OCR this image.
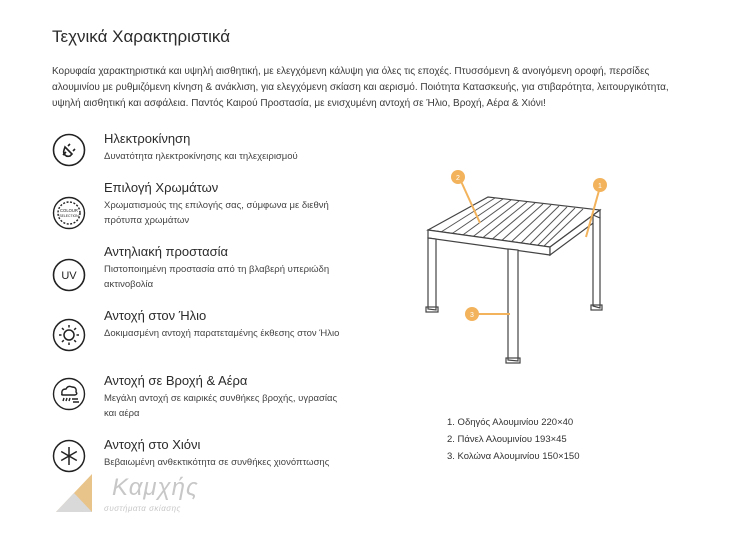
Τεχνικά Χαρακτηριστικά
Κορυφαία χαρακτηριστικά και υψηλή αισθητική, με ελεγχόμενη κάλυψη για όλες τις εποχές. Πτυσσόμενη & ανοιγόμενη οροφή, περσίδες αλουμινίου με ρυθμιζόμενη κίνηση & ανάκλιση, για ελεγχόμενη σκίαση και αερισμό. Ποιότητα Κατασκευής, για στιβαρότητα, λειτουργικότητα, υψηλή αισθητική και ασφάλεια. Παντός Καιρού Προστασία, με ενισχυμένη αντοχή σε Ήλιο, Βροχή, Αέρα & Χιόνι!
Ηλεκτροκίνηση
Δυνατότητα ηλεκτροκίνησης και τηλεχειρισμού
COLOUR
SELECTION
Επιλογή Χρωμάτων
Χρωματισμούς της επιλογής σας, σύμφωνα με διεθνή πρότυπα χρωμάτων
UV
Αντηλιακή προστασία
Πιστοποιημένη προστασία από τη βλαβερή υπεριώδη ακτινοβολία
Αντοχή στον Ήλιο
Δοκιμασμένη αντοχή παρατεταμένης έκθεσης στον Ήλιο
Αντοχή σε Βροχή & Αέρα
Μεγάλη αντοχή σε καιρικές συνθήκες βροχής, υγρασίας και αέρα
Αντοχή στο Χιόνι
Βεβαιωμένη ανθεκτικότητα σε συνθήκες χιονόπτωσης
1
2
3
1. Οδηγός Αλουμινίου 220×40
2. Πάνελ Αλουμινίου 193×45
3. Κολώνα Αλουμινίου 150×150
Καμχής
συστήματα σκίασης
